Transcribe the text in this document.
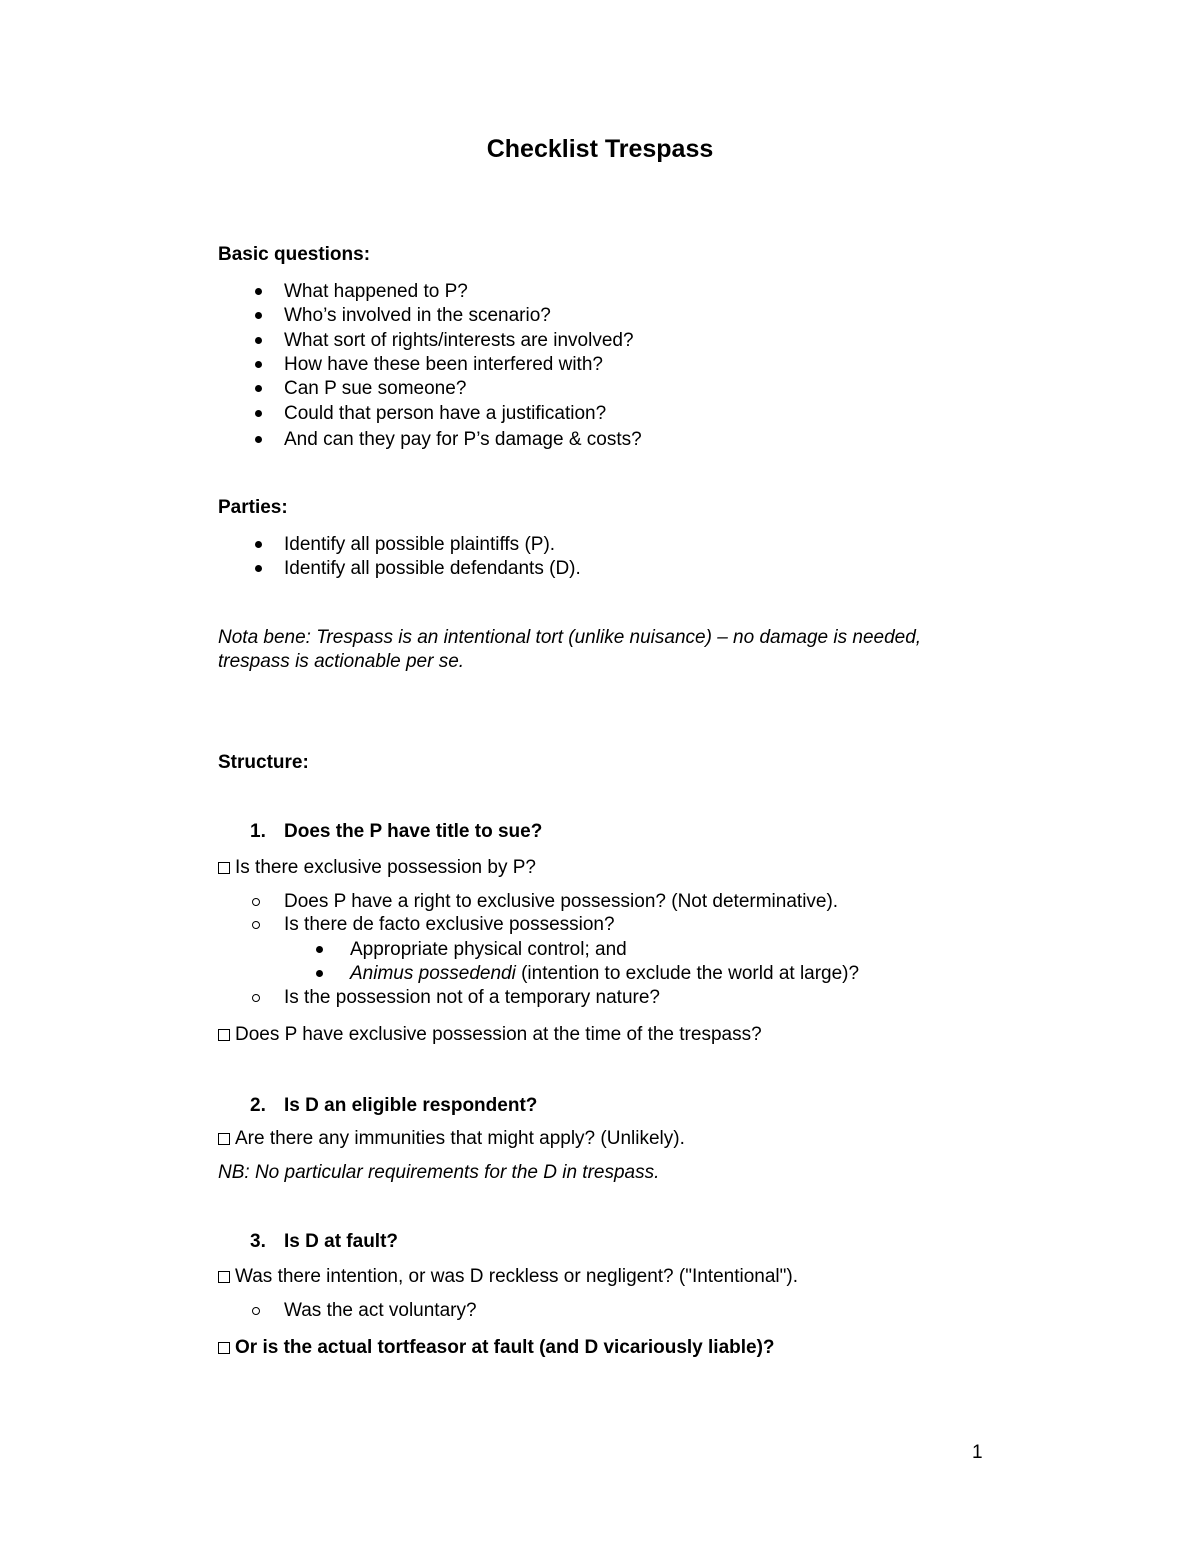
Checklist Trespass
Basic questions:
What happened to P?
Who’s involved in the scenario?
What sort of rights/interests are involved?
How have these been interfered with?
Can P sue someone?
Could that person have a justification?
And can they pay for P’s damage & costs?
Parties:
Identify all possible plaintiffs (P).
Identify all possible defendants (D).
Nota bene: Trespass is an intentional tort (unlike nuisance) – no damage is needed,
trespass is actionable per se.
Structure:
1. Does the P have title to sue?
Is there exclusive possession by P?
Does P have a right to exclusive possession? (Not determinative).
Is there de facto exclusive possession?
Appropriate physical control; and
Animus possedendi (intention to exclude the world at large)?
Is the possession not of a temporary nature?
Does P have exclusive possession at the time of the trespass?
2. Is D an eligible respondent?
Are there any immunities that might apply? (Unlikely).
NB: No particular requirements for the D in trespass.
3. Is D at fault?
Was there intention, or was D reckless or negligent? ("Intentional").
Was the act voluntary?
Or is the actual tortfeasor at fault (and D vicariously liable)?
1
